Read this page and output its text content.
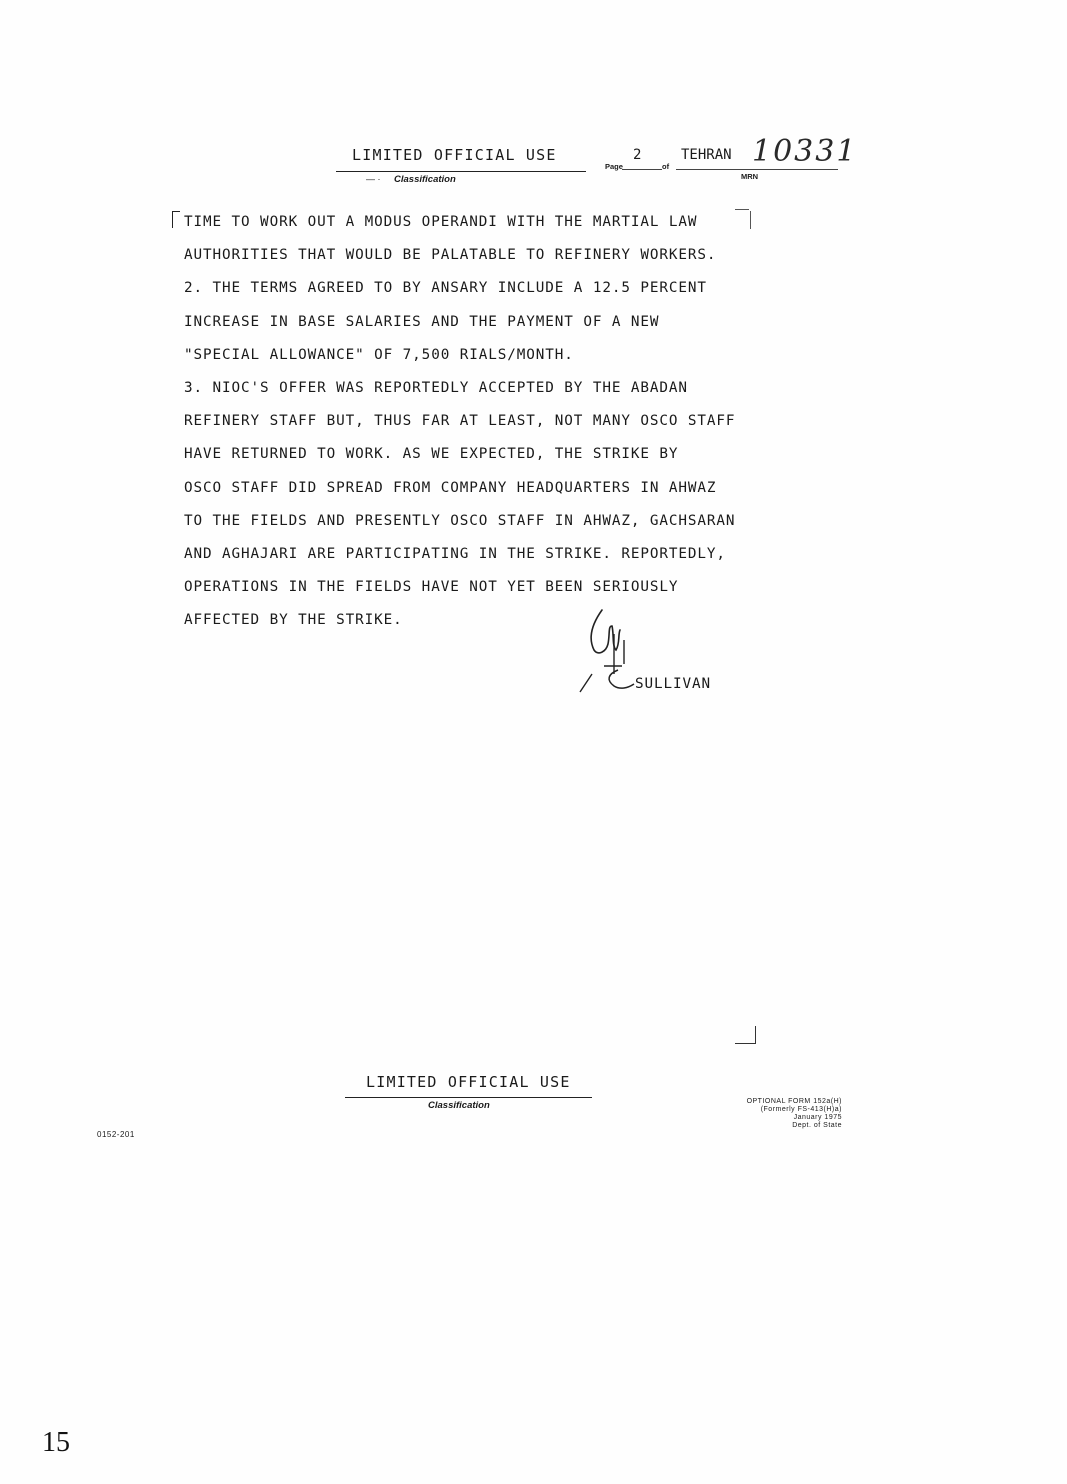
LIMITED OFFICIAL USE
— · Classification
Page
2
of
TEHRAN 10331
MRN
TIME TO WORK OUT A MODUS OPERANDI WITH THE MARTIAL LAW
AUTHORITIES THAT WOULD BE PALATABLE TO REFINERY WORKERS.
2. THE TERMS AGREED TO BY ANSARY INCLUDE A 12.5 PERCENT
INCREASE IN BASE SALARIES AND THE PAYMENT OF A NEW
"SPECIAL ALLOWANCE" OF 7,500 RIALS/MONTH.
3. NIOC'S OFFER WAS REPORTEDLY ACCEPTED BY THE ABADAN
REFINERY STAFF BUT, THUS FAR AT LEAST, NOT MANY OSCO STAFF
HAVE RETURNED TO WORK. AS WE EXPECTED, THE STRIKE BY
OSCO STAFF DID SPREAD FROM COMPANY HEADQUARTERS IN AHWAZ
TO THE FIELDS AND PRESENTLY OSCO STAFF IN AHWAZ, GACHSARAN
AND AGHAJARI ARE PARTICIPATING IN THE STRIKE. REPORTEDLY,
OPERATIONS IN THE FIELDS HAVE NOT YET BEEN SERIOUSLY
AFFECTED BY THE STRIKE.
SULLIVAN
LIMITED OFFICIAL USE
Classification	OPTIONAL FORM 152a(H)
(Formerly FS-413(H)a)
January 1975
Dept. of State
0152-201
15
